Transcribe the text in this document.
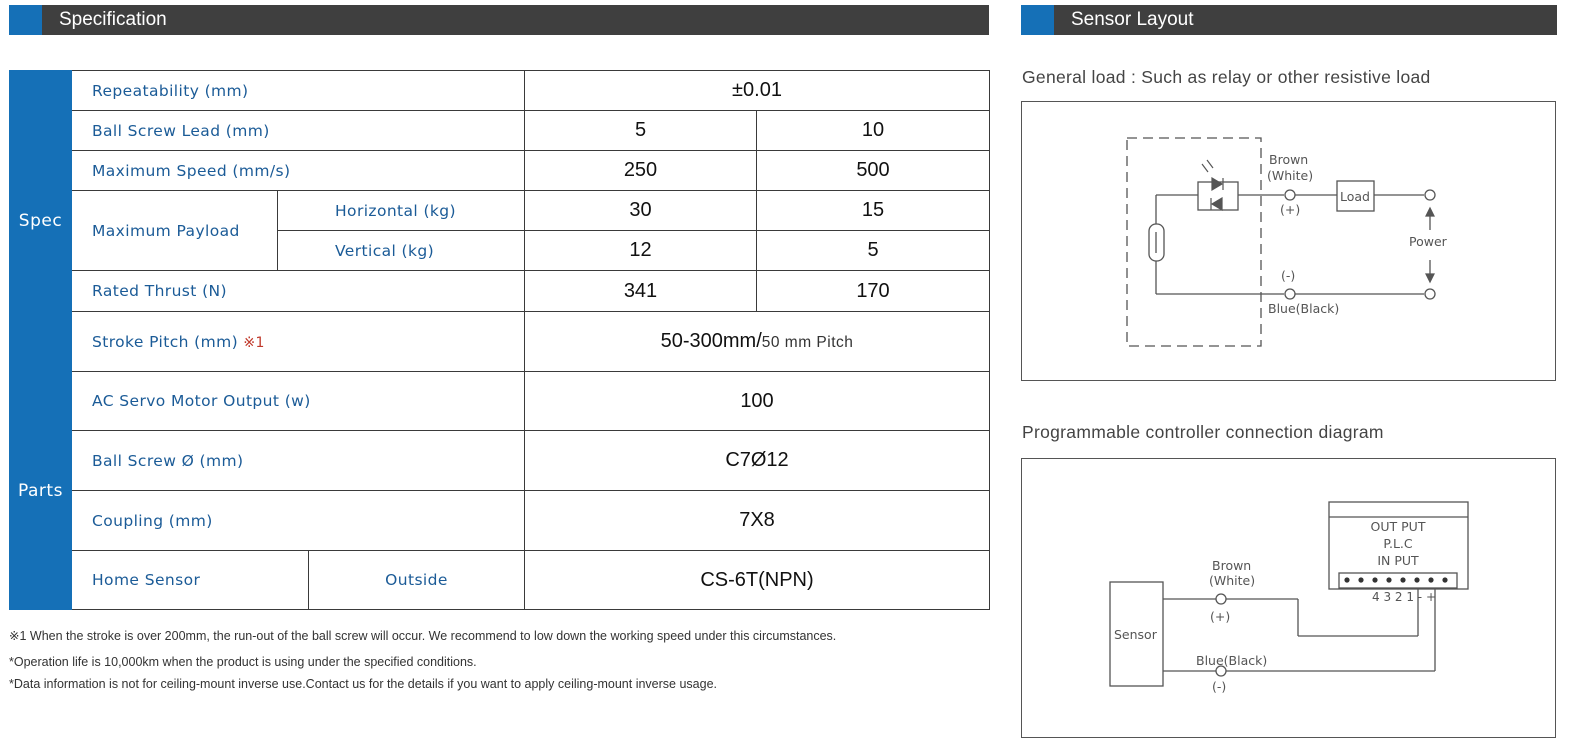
Specification	Sensor Layout
Spec	Repeatability (mm)			±0.01	
	Ball Screw Lead (mm)			5	10
	Maximum Speed (mm/s)			250	500
	Maximum Payload	Horizontal (kg)		30	15
		Vertical (kg)		12	5
	Rated Thrust (N)			341	170
	Stroke Pitch (mm) ※1			50-300mm/50 mm Pitch	
Parts	AC Servo Motor Output (w)			100	
	Ball Screw Ø (mm)			C7Ø12	
	Coupling (mm)			7X8	
	Home Sensor		Outside	CS-6T(NPN)	
※1 When the stroke is over 200mm, the run-out of the ball screw will occur. We recommend to low down the working speed under this circumstances.
*Operation life is 10,000km when the product is using under the specified conditions.
*Data information is not for ceiling-mount inverse use.Contact us for the details if you want to apply ceiling-mount inverse usage.
General load : Such as relay or other resistive load
Brown
(White)
(+)
Load
Power
(-)
Blue(Black)
Programmable controller connection diagram
OUT PUT
P.L.C
IN PUT
4 3 2 1 - +
Sensor
Brown
(White)
(+)
Blue(Black)
(-)
